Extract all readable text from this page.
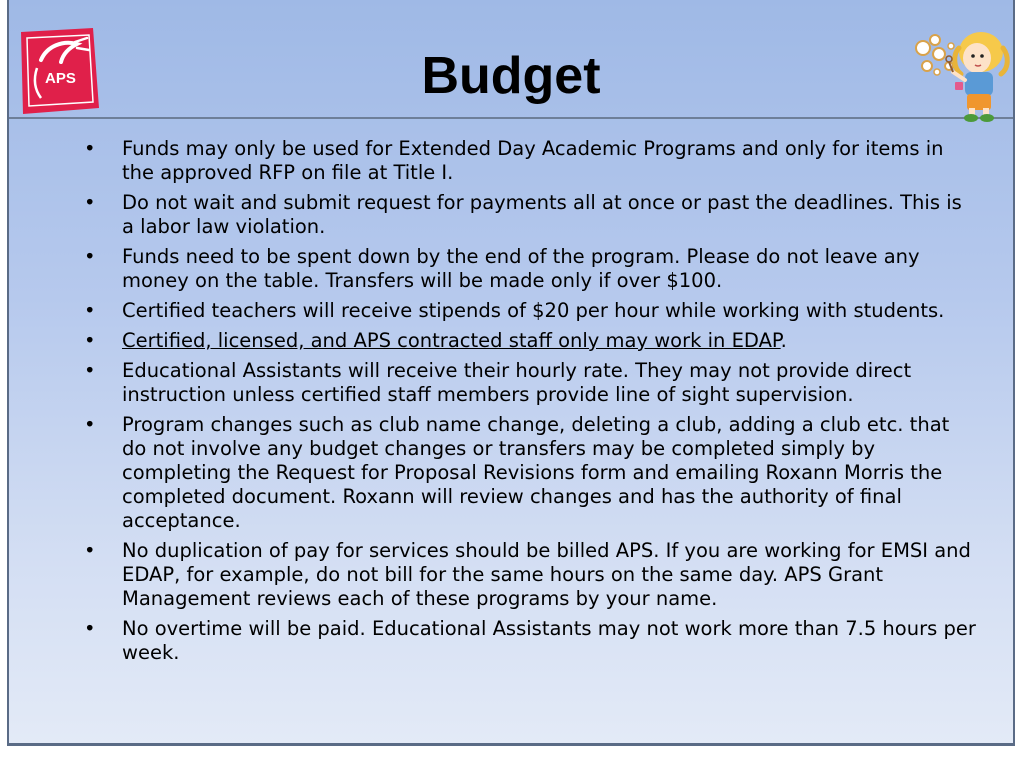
APS	Budget
• Funds may only be used for Extended Day Academic Programs and only for items in the approved RFP on file at Title I.
• Do not wait and submit request for payments all at once or past the deadlines. This is a labor law violation.
• Funds need to be spent down by the end of the program. Please do not leave any money on the table. Transfers will be made only if over $100.
• Certified teachers will receive stipends of $20 per hour while working with students.
• Certified, licensed, and APS contracted staff only may work in EDAP.
• Educational Assistants will receive their hourly rate. They may not provide direct instruction unless certified staff members provide line of sight supervision.
• Program changes such as club name change, deleting a club, adding a club etc. that do not involve any budget changes or transfers may be completed simply by completing the Request for Proposal Revisions form and emailing Roxann Morris the completed document. Roxann will review changes and has the authority of final acceptance.
• No duplication of pay for services should be billed APS. If you are working for EMSI and EDAP, for example, do not bill for the same hours on the same day. APS Grant Management reviews each of these programs by your name.
• No overtime will be paid. Educational Assistants may not work more than 7.5 hours per week.
